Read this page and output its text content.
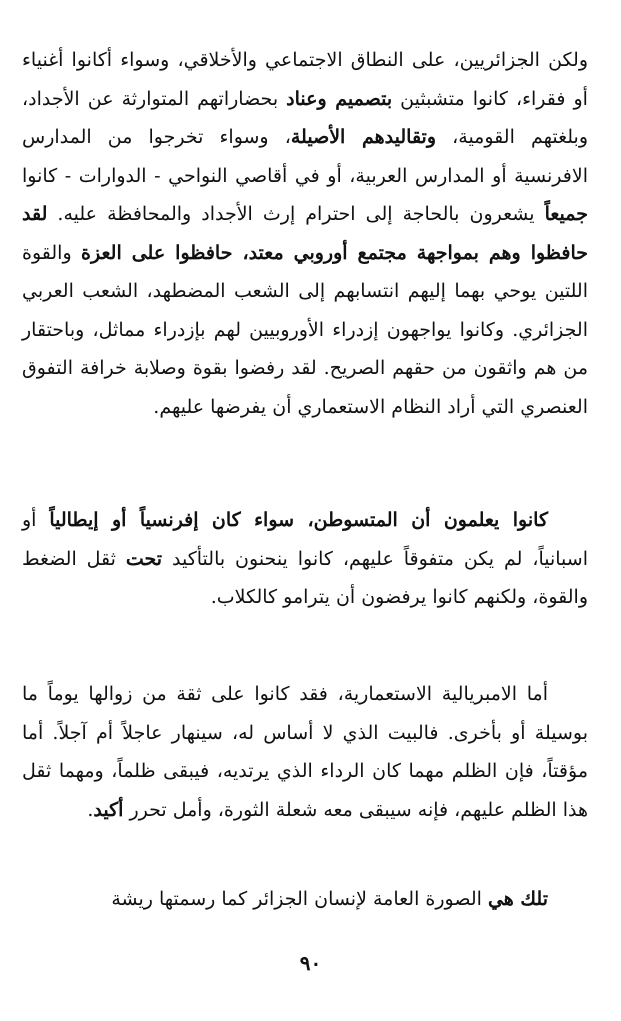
ولكن الجزائريين، على النطاق الاجتماعي والأخلاقي، وسواء أكانوا أغنياء أو فقراء، كانوا متشبثين بتصميم وعناد بحضاراتهم المتوارثة عن الأجداد، وبلغتهم القومية، وتقاليدهم الأصيلة، وسواء تخرجوا من المدارس الافرنسية أو المدارس العربية، أو في أقاصي النواحي - الدوارات - كانوا جميعاً يشعرون بالحاجة إلى احترام إرث الأجداد والمحافظة عليه. لقد حافظوا وهم بمواجهة مجتمع أوروبي معتد، حافظوا على العزة والقوة اللتين يوحي بهما إليهم انتسابهم إلى الشعب المضطهد، الشعب العربي الجزائري. وكانوا يواجهون إزدراء الأوروبيين لهم بإزدراء مماثل، وباحتقار من هم واثقون من حقهم الصريح. لقد رفضوا بقوة وصلابة خرافة التفوق العنصري التي أراد النظام الاستعماري أن يفرضها عليهم.

كانوا يعلمون أن المتسوطن، سواء كان إفرنسياً أو إيطالياً أو اسبانياً، لم يكن متفوقاً عليهم، كانوا ينحنون بالتأكيد تحت ثقل الضغط والقوة، ولكنهم كانوا يرفضون أن يترامو كالكلاب.

أما الامبريالية الاستعمارية، فقد كانوا على ثقة من زوالها يوماً ما بوسيلة أو بأخرى. فالبيت الذي لا أساس له، سينهار عاجلاً أم آجلاً. أما مؤقتاً، فإن الظلم مهما كان الرداء الذي يرتديه، فيبقى ظلماً، ومهما ثقل هذا الظلم عليهم، فإنه سيبقى معه شعلة الثورة، وأمل تحرر أكيد.

تلك هي الصورة العامة لإنسان الجزائر كما رسمتها ريشة

٩٠
